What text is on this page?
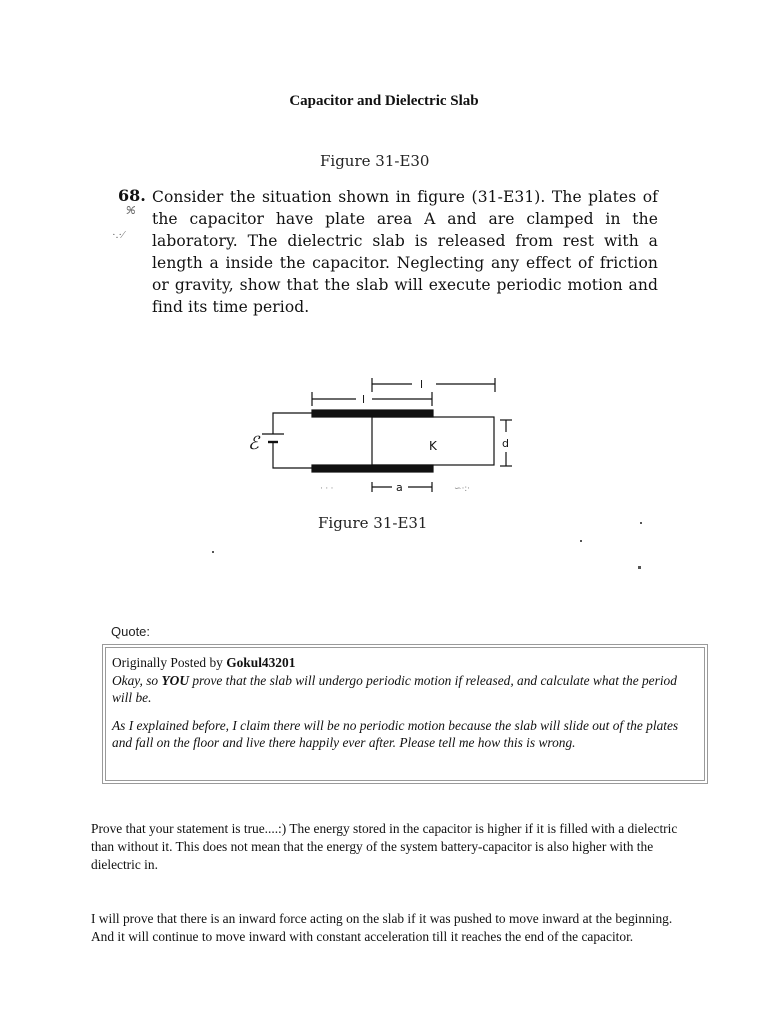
Capacitor and Dielectric Slab
Figure 31-E30
ꕑ
·.·⁄
68. Consider the situation shown in figure (31-E31). The plates of the capacitor have plate area A and are clamped in the laboratory. The dielectric slab is released from rest with a length a inside the capacitor. Neglecting any effect of friction or gravity, show that the slab will execute periodic motion and find its time period.
l
l
K	d
a
ℰ
· · ·	∽·:·
Figure 31-E31
Quote:

Originally Posted by Gokul43201

Okay, so YOU prove that the slab will undergo periodic motion if released, and calculate what the period will be.

As I explained before, I claim there will be no periodic motion because the slab will slide out of the plates and fall on the floor and live there happily ever after. Please tell me how this is wrong.

Prove that your statement is true....:) The energy stored in the capacitor is higher if it is filled with a dielectric than without it. This does not mean that the energy of the system battery-capacitor is also higher with the dielectric in.
I will prove that there is an inward force acting on the slab if it was pushed to move inward at the beginning. And it will continue to move inward with constant acceleration till it reaches the end of the capacitor.
